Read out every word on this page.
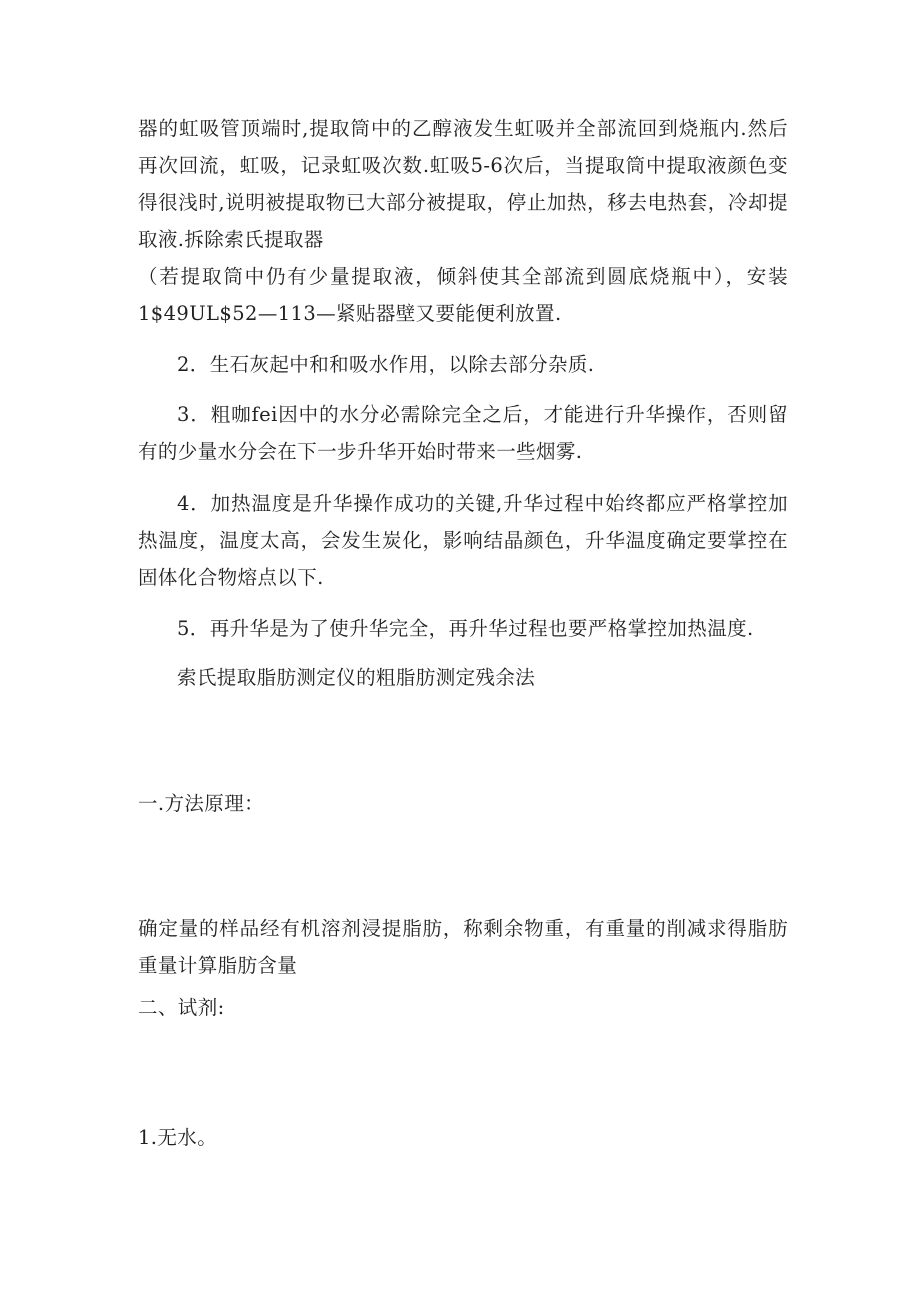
器的虹吸管顶端时,提取筒中的乙醇液发生虹吸并全部流回到烧瓶内.然后
再次回流，虹吸，记录虹吸次数.虹吸5-6次后，当提取筒中提取液颜色变
得很浅时,说明被提取物已大部分被提取，停止加热，移去电热套，冷却提
取液.拆除索氏提取器
（若提取筒中仍有少量提取液，倾斜使其全部流到圆底烧瓶中），安装
1$49UL$52—113—紧贴器壁又要能便利放置.
2．生石灰起中和和吸水作用，以除去部分杂质.
3．粗咖fei因中的水分必需除完全之后，才能进行升华操作，否则留
有的少量水分会在下一步升华开始时带来一些烟雾.
4．加热温度是升华操作成功的关键,升华过程中始终都应严格掌控加
热温度，温度太高，会发生炭化，影响结晶颜色，升华温度确定要掌控在
固体化合物熔点以下.
5．再升华是为了使升华完全，再升华过程也要严格掌控加热温度.
索氏提取脂肪测定仪的粗脂肪测定残余法
一.方法原理：
确定量的样品经有机溶剂浸提脂肪，称剩余物重，有重量的削减求得脂肪
重量计算脂肪含量
二、试剂:
1.无水。
